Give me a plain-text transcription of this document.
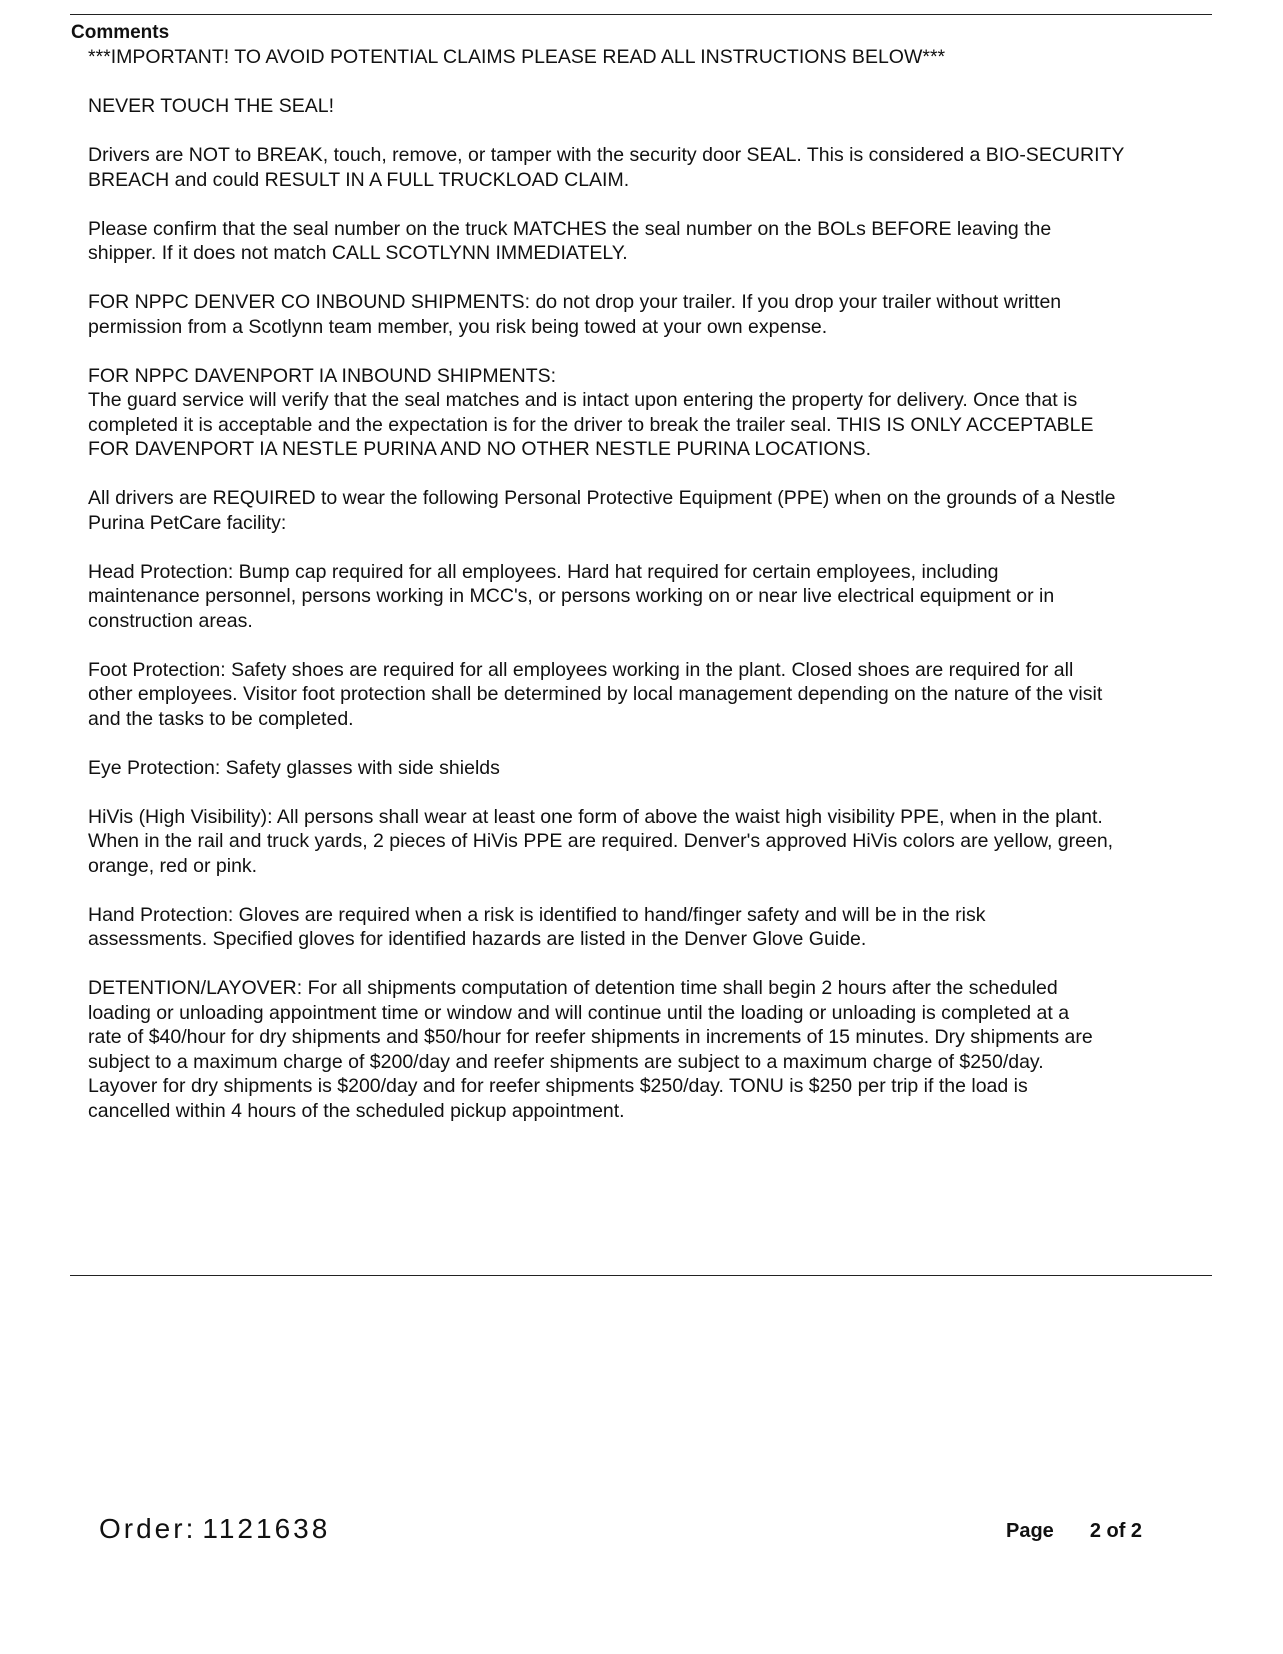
Comments

***IMPORTANT! TO AVOID POTENTIAL CLAIMS PLEASE READ ALL INSTRUCTIONS BELOW***

NEVER TOUCH THE SEAL!

Drivers are NOT to BREAK, touch, remove, or tamper with the security door SEAL. This is considered a BIO-SECURITY
BREACH and could RESULT IN A FULL TRUCKLOAD CLAIM.

Please confirm that the seal number on the truck MATCHES the seal number on the BOLs BEFORE leaving the
shipper. If it does not match CALL SCOTLYNN IMMEDIATELY.

FOR NPPC DENVER CO INBOUND SHIPMENTS: do not drop your trailer. If you drop your trailer without written
permission from a Scotlynn team member, you risk being towed at your own expense.

FOR NPPC DAVENPORT IA INBOUND SHIPMENTS:
The guard service will verify that the seal matches and is intact upon entering the property for delivery. Once that is
completed it is acceptable and the expectation is for the driver to break the trailer seal. THIS IS ONLY ACCEPTABLE
FOR DAVENPORT IA NESTLE PURINA AND NO OTHER NESTLE PURINA LOCATIONS.

All drivers are REQUIRED to wear the following Personal Protective Equipment (PPE) when on the grounds of a Nestle
Purina PetCare facility:

Head Protection: Bump cap required for all employees. Hard hat required for certain employees, including
maintenance personnel, persons working in MCC's, or persons working on or near live electrical equipment or in
construction areas.

Foot Protection: Safety shoes are required for all employees working in the plant. Closed shoes are required for all
other employees. Visitor foot protection shall be determined by local management depending on the nature of the visit
and the tasks to be completed.

Eye Protection: Safety glasses with side shields

HiVis (High Visibility): All persons shall wear at least one form of above the waist high visibility PPE, when in the plant.
When in the rail and truck yards, 2 pieces of HiVis PPE are required. Denver's approved HiVis colors are yellow, green,
orange, red or pink.

Hand Protection: Gloves are required when a risk is identified to hand/finger safety and will be in the risk
assessments. Specified gloves for identified hazards are listed in the Denver Glove Guide.

DETENTION/LAYOVER: For all shipments computation of detention time shall begin 2 hours after the scheduled
loading or unloading appointment time or window and will continue until the loading or unloading is completed at a
rate of $40/hour for dry shipments and $50/hour for reefer shipments in increments of 15 minutes. Dry shipments are
subject to a maximum charge of $200/day and reefer shipments are subject to a maximum charge of $250/day.
Layover for dry shipments is $200/day and for reefer shipments $250/day. TONU is $250 per trip if the load is
cancelled within 4 hours of the scheduled pickup appointment.

Order: 1121638	Page 2 of 2
